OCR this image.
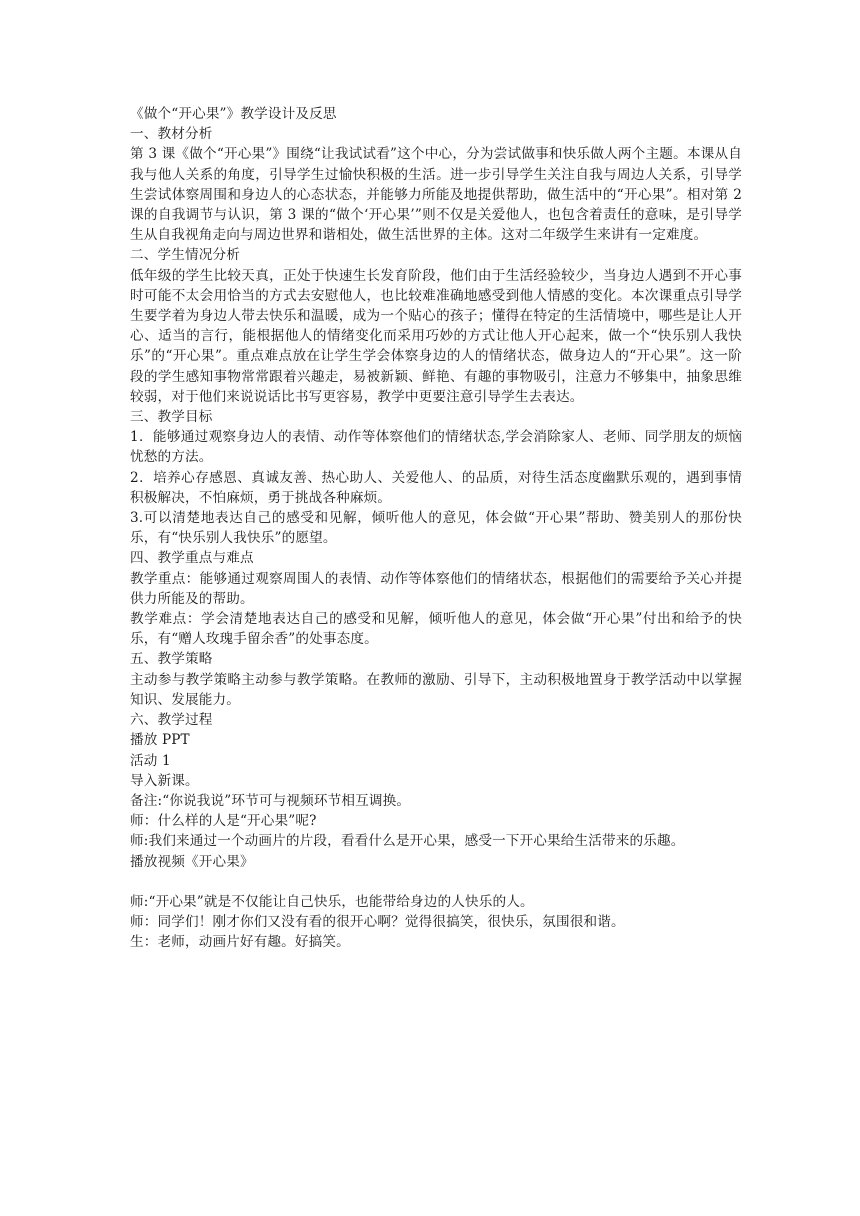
《做个“开心果”》教学设计及反思

一、教材分析

第 3 课《做个“开心果”》围绕“让我试试看”这个中心，分为尝试做事和快乐做人两个主题。本课从自我与他人关系的角度，引导学生过愉快积极的生活。进一步引导学生关注自我与周边人关系，引导学生尝试体察周围和身边人的心态状态，并能够力所能及地提供帮助，做生活中的“开心果”。相对第 2 课的自我调节与认识，第 3 课的“做个‘开心果’”则不仅是关爱他人，也包含着责任的意味，是引导学生从自我视角走向与周边世界和谐相处，做生活世界的主体。这对二年级学生来讲有一定难度。

二、学生情况分析

低年级的学生比较天真，正处于快速生长发育阶段，他们由于生活经验较少，当身边人遇到不开心事时可能不太会用恰当的方式去安慰他人，也比较难准确地感受到他人情感的变化。本次课重点引导学生要学着为身边人带去快乐和温暖，成为一个贴心的孩子；懂得在特定的生活情境中，哪些是让人开心、适当的言行，能根据他人的情绪变化而采用巧妙的方式让他人开心起来，做一个“快乐别人我快乐”的“开心果”。重点难点放在让学生学会体察身边的人的情绪状态，做身边人的“开心果”。这一阶段的学生感知事物常常跟着兴趣走，易被新颖、鲜艳、有趣的事物吸引，注意力不够集中，抽象思维较弱，对于他们来说说话比书写更容易，教学中更要注意引导学生去表达。

三、教学目标

1．能够通过观察身边人的表情、动作等体察他们的情绪状态,学会消除家人、老师、同学朋友的烦恼忧愁的方法。

2．培养心存感恩、真诚友善、热心助人、关爱他人、的品质，对待生活态度幽默乐观的，遇到事情积极解决，不怕麻烦，勇于挑战各种麻烦。

3.可以清楚地表达自己的感受和见解，倾听他人的意见，体会做“开心果”帮助、赞美别人的那份快乐，有“快乐别人我快乐”的愿望。

四、教学重点与难点

教学重点：能够通过观察周围人的表情、动作等体察他们的情绪状态，根据他们的需要给予关心并提供力所能及的帮助。

教学难点：学会清楚地表达自己的感受和见解，倾听他人的意见，体会做“开心果”付出和给予的快乐，有“赠人玫瑰手留余香”的处事态度。

五、教学策略

主动参与教学策略主动参与教学策略。在教师的激励、引导下，主动积极地置身于教学活动中以掌握知识、发展能力。

六、教学过程

播放 PPT

活动 1

导入新课。

备注:“你说我说”环节可与视频环节相互调换。

师：什么样的人是“开心果”呢?

师:我们来通过一个动画片的片段，看看什么是开心果，感受一下开心果给生活带来的乐趣。

播放视频《开心果》

师:“开心果”就是不仅能让自己快乐，也能带给身边的人快乐的人。

师：同学们！刚才你们又没有看的很开心啊？觉得很搞笑，很快乐，氛围很和谐。

生：老师，动画片好有趣。好搞笑。
